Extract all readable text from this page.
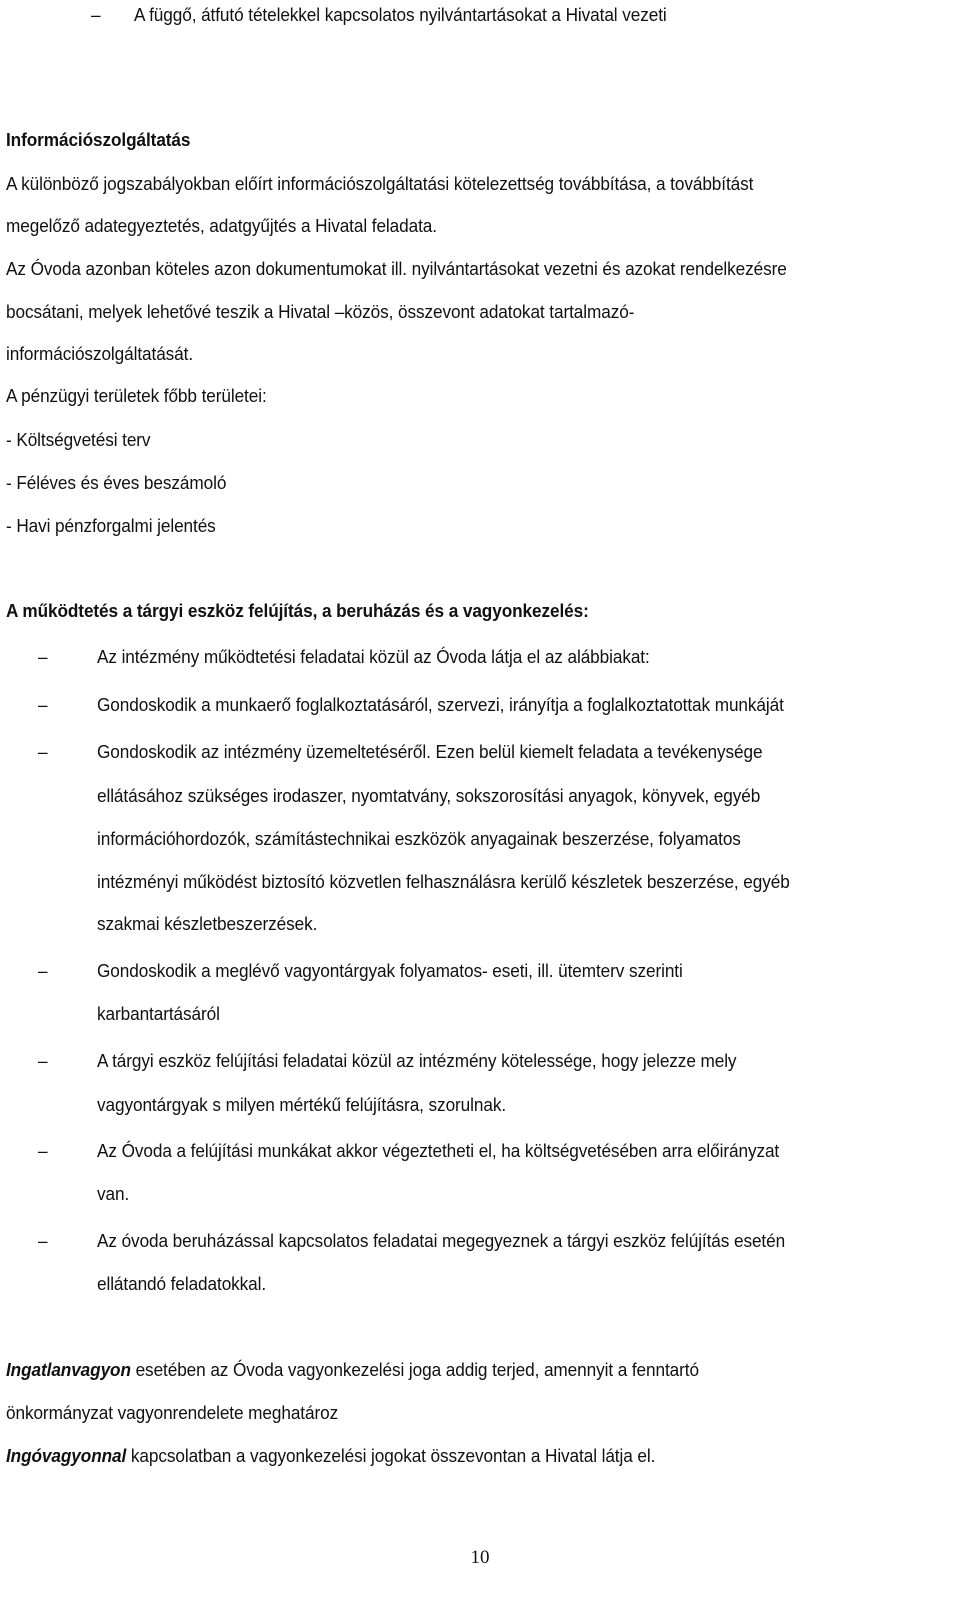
– A függő, átfutó tételekkel kapcsolatos nyilvántartásokat a Hivatal vezeti
Információszolgáltatás
A különböző jogszabályokban előírt információszolgáltatási kötelezettség továbbítása, a továbbítást
megelőző adategyeztetés, adatgyűjtés a Hivatal feladata.
Az Óvoda azonban köteles azon dokumentumokat ill. nyilvántartásokat vezetni és azokat rendelkezésre
bocsátani, melyek lehetővé teszik a Hivatal –közös, összevont adatokat tartalmazó-
információszolgáltatását.
A pénzügyi területek főbb területei:
- Költségvetési terv
- Féléves és éves beszámoló
- Havi pénzforgalmi jelentés
A működtetés a tárgyi eszköz felújítás, a beruházás és a vagyonkezelés:
–	Az intézmény működtetési feladatai közül az Óvoda látja el az alábbiakat:
–	Gondoskodik a munkaerő foglalkoztatásáról, szervezi, irányítja a foglalkoztatottak munkáját
–	Gondoskodik az intézmény üzemeltetéséről. Ezen belül kiemelt feladata a tevékenysége
ellátásához szükséges irodaszer, nyomtatvány, sokszorosítási anyagok, könyvek, egyéb
információhordozók, számítástechnikai eszközök anyagainak beszerzése, folyamatos
intézményi működést biztosító közvetlen felhasználásra kerülő készletek beszerzése, egyéb
szakmai készletbeszerzések.
–	Gondoskodik a meglévő vagyontárgyak folyamatos- eseti, ill. ütemterv szerinti
karbantartásáról
–	A tárgyi eszköz felújítási feladatai közül az intézmény kötelessége, hogy jelezze mely
vagyontárgyak s milyen mértékű felújításra, szorulnak.
–	Az Óvoda a felújítási munkákat akkor végeztetheti el, ha költségvetésében arra előirányzat
van.
–	Az óvoda beruházással kapcsolatos feladatai megegyeznek a tárgyi eszköz felújítás esetén
ellátandó feladatokkal.
Ingatlanvagyon esetében az Óvoda vagyonkezelési joga addig terjed, amennyit a fenntartó
önkormányzat vagyonrendelete meghatároz
Ingóvagyonnal kapcsolatban a vagyonkezelési jogokat összevontan a Hivatal látja el.
10
